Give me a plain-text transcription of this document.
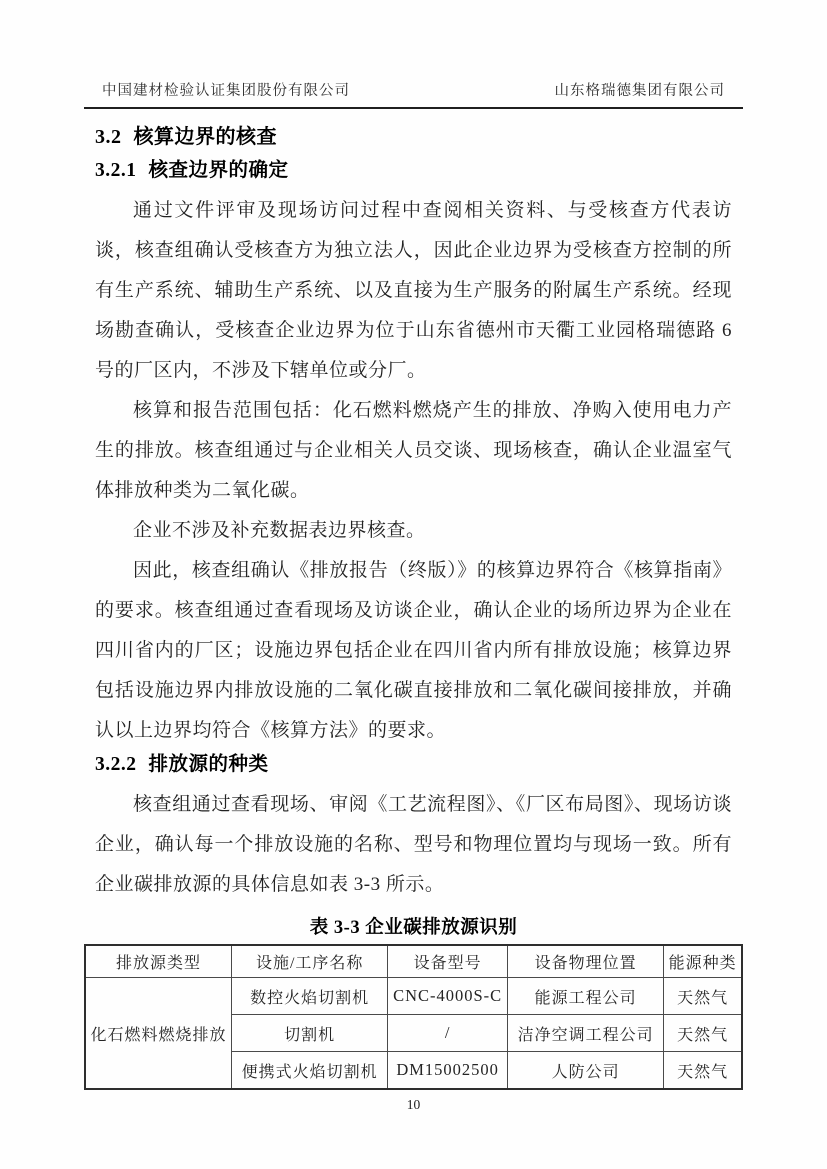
中国建材检验认证集团股份有限公司	山东格瑞德集团有限公司
3.2 核算边界的核查
3.2.1 核查边界的确定

通过文件评审及现场访问过程中查阅相关资料、与受核查方代表访谈，核查组确认受核查方为独立法人，因此企业边界为受核查方控制的所有生产系统、辅助生产系统、以及直接为生产服务的附属生产系统。经现场勘查确认，受核查企业边界为位于山东省德州市天衢工业园格瑞德路 6 号的厂区内，不涉及下辖单位或分厂。

核算和报告范围包括：化石燃料燃烧产生的排放、净购入使用电力产生的排放。核查组通过与企业相关人员交谈、现场核查，确认企业温室气体排放种类为二氧化碳。

企业不涉及补充数据表边界核查。

因此，核查组确认《排放报告（终版）》的核算边界符合《核算指南》的要求。核查组通过查看现场及访谈企业，确认企业的场所边界为企业在四川省内的厂区；设施边界包括企业在四川省内所有排放设施；核算边界包括设施边界内排放设施的二氧化碳直接排放和二氧化碳间接排放，并确认以上边界均符合《核算方法》的要求。

3.2.2 排放源的种类

核查组通过查看现场、审阅《工艺流程图》、《厂区布局图》、现场访谈企业，确认每一个排放设施的名称、型号和物理位置均与现场一致。所有企业碳排放源的具体信息如表 3-3 所示。

表 3-3 企业碳排放源识别
排放源类型	设施/工序名称	设备型号	设备物理位置	能源种类
化石燃料燃烧排放	数控火焰切割机	CNC-4000S-C	能源工程公司	天然气
	切割机	/	洁净空调工程公司	天然气
	便携式火焰切割机	DM15002500	人防公司	天然气
10
